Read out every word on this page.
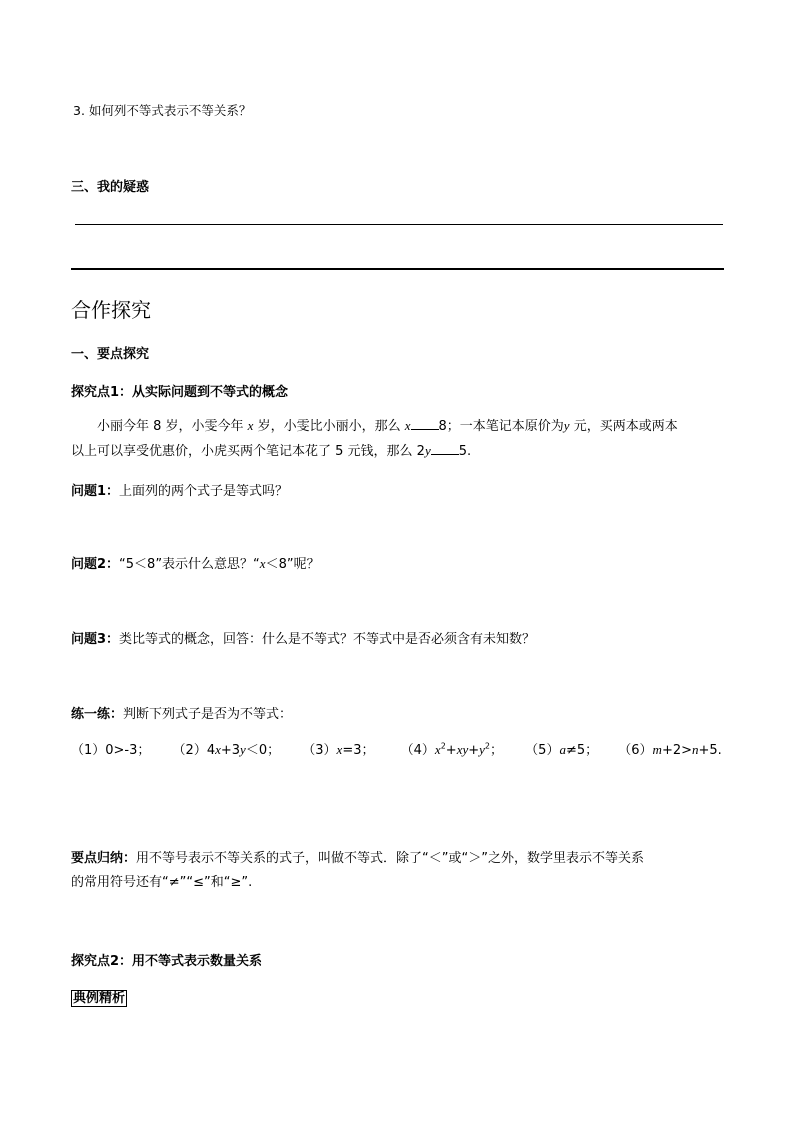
3. 如何列不等式表示不等关系？
三、我的疑惑
合作探究
一、要点探究
探究点1：从实际问题到不等式的概念
小丽今年 8 岁，小雯今年 x 岁，小雯比小丽小，那么 x 8；一本笔记本原价为y 元，买两本或两本
以上可以享受优惠价，小虎买两个笔记本花了 5 元钱，那么 2y 5.
问题1：上面列的两个式子是等式吗？
问题2：“5＜8”表示什么意思？“x＜8”呢？
问题3：类比等式的概念，回答：什么是不等式？不等式中是否必须含有未知数？
练一练：判断下列式子是否为不等式：
（1）0>-3； （2）4x+3y＜0； （3）x=3； $(4)x^2+xy+y^2$； （5）a≠5； （6）m+2>n+5.
要点归纳：用不等号表示不等关系的式子，叫做不等式．除了“＜”或“＞”之外，数学里表示不等关系
的常用符号还有“≠”“≤”和“≥”.
探究点2：用不等式表示数量关系
典例精析
